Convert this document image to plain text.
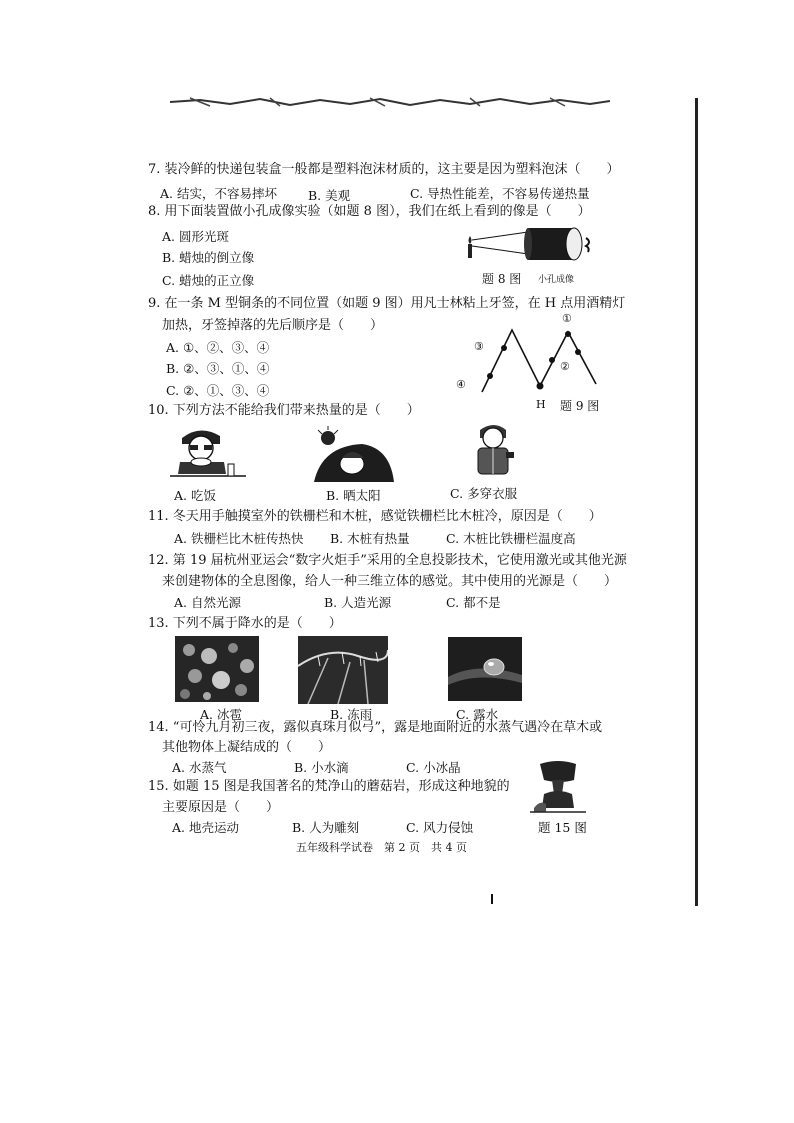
7. 装冷鲜的快递包装盒一般都是塑料泡沫材质的，这主要是因为塑料泡沫（　　）
A. 结实，不容易摔坏 B. 美观	C. 导热性能差，不容易传递热量
8. 用下面装置做小孔成像实验（如题 8 图），我们在纸上看到的像是（　　）
A. 圆形光斑
B. 蜡烛的倒立像
C. 蜡烛的正立像	题 8 图 小孔成像
9. 在一条 M 型铜条的不同位置（如题 9 图）用凡士林粘上牙签，在 H 点用酒精灯
加热，牙签掉落的先后顺序是（　　）
A. ①、②、③、④
B. ②、③、①、④
C. ②、①、③、④
①
②
③
④
H 题 9 图
10. 下列方法不能给我们带来热量的是（　　）
A. 吃饭	B. 晒太阳	C. 多穿衣服
11. 冬天用手触摸室外的铁栅栏和木桩，感觉铁栅栏比木桩冷，原因是（　　）
A. 铁栅栏比木桩传热快 B. 木桩有热量	C. 木桩比铁栅栏温度高
12. 第 19 届杭州亚运会“数字火炬手”采用的全息投影技术，它使用激光或其他光源
来创建物体的全息图像，给人一种三维立体的感觉。其中使用的光源是（　　）
A. 自然光源	B. 人造光源	C. 都不是
13. 下列不属于降水的是（　　）
A. 冰雹	B. 冻雨	C. 露水
14. “可怜九月初三夜，露似真珠月似弓”，露是地面附近的水蒸气遇冷在草木或
其他物体上凝结成的（　　）
A. 水蒸气	B. 小水滴	C. 小冰晶
15. 如题 15 图是我国著名的梵净山的蘑菇岩，形成这种地貌的
主要原因是（　　）
A. 地壳运动	B. 人为雕刻	C. 风力侵蚀	题 15 图
五年级科学试卷　第 2 页　共 4 页
